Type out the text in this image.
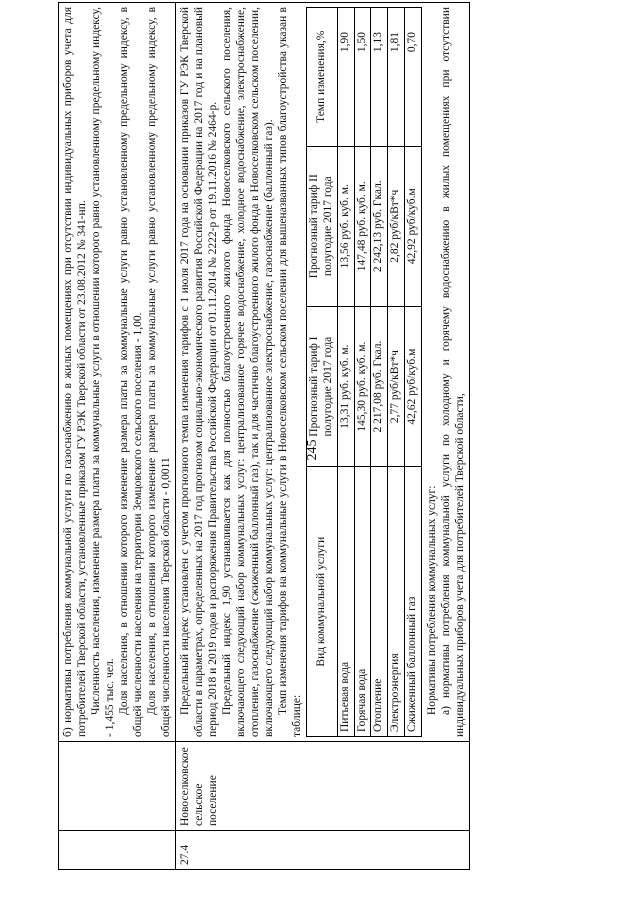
245

б) нормативы потребления коммунальной услуги по газоснабжению в жилых помещениях при отсутствии индивидуальных приборов учета для потребителей Тверской области, установленные приказом ГУ РЭК Тверской области от 23.08.2012 № 341-нп. Численность населения, изменение размера платы за коммунальные услуги в отношении которого равно установленному предельному индексу, - 1,455 тыс. чел. Доля населения, в отношении которого изменение размера платы за коммунальные услуги равно установленному предельному индексу, в общей численности населения на территории Земцовского сельского поселения - 1,00. Доля населения, в отношении которого изменение размера платы за коммунальные услуги равно установленному предельному индексу, в общей численности населения Тверской области - 0,0011

27.4	Новоселковское сельское поселение	

Предельный индекс установлен с учетом прогнозного темпа изменения тарифов с 1 июля 2017 года на основании приказов ГУ РЭК Тверской области в параметрах, определенных на 2017 год прогнозом социально-экономического развития Российской Федерации на 2017 год и на плановый период 2018 и 2019 годов и распоряжения Правительства Российской Федерации от 01.11.2014 № 2222-р от 19.11.2016 № 2464-р. Предельный индекс 1,90 устанавливается как для полностью благоустроенного жилого фонда Новоселковского сельского поселения, включающего следующий набор коммунальных услуг: централизованное горячее водоснабжение, холодное водоснабжение, электроснабжение, отопление, газоснабжение (сжиженный баллонный газ), так и для частично благоустроенного жилого фонда в Новоселковском сельском поселении, включающего следующий набор коммунальных услуг: централизованное электроснабжение, газоснабжение (баллонный газ). Темп изменения тарифов на коммунальные услуги в Новоселковском сельском поселении для вышеназванных типов благоустройства указан в таблице:

Вид коммунальной услуги	Прогнозный тариф I полугодие 2017 года	Прогнозный тариф II полугодие 2017 года	Темп изменения,%
Питьевая вода	13,31 руб. куб. м.	13,56 руб. куб. м.	1,90
Горячая вода	145,30 руб. куб. м.	147,48 руб. куб. м.	1,50
Отопление	2 217,08 руб. Гкал.	2 242,13 руб. Гкал.	1,13
Электроэнергия	2,77 руб/кВт*ч	2,82 руб/кВт*ч	1,81
Сжиженный баллонный газ	42,62 руб/куб.м	42,92 руб/куб.м	0,70

Нормативы потребления коммунальных услуг: а) нормативы потребления коммунальной услуги по холодному и горячему водоснабжению в жилых помещениях при отсутствии индивидуальных приборов учета для потребителей Тверской области,
